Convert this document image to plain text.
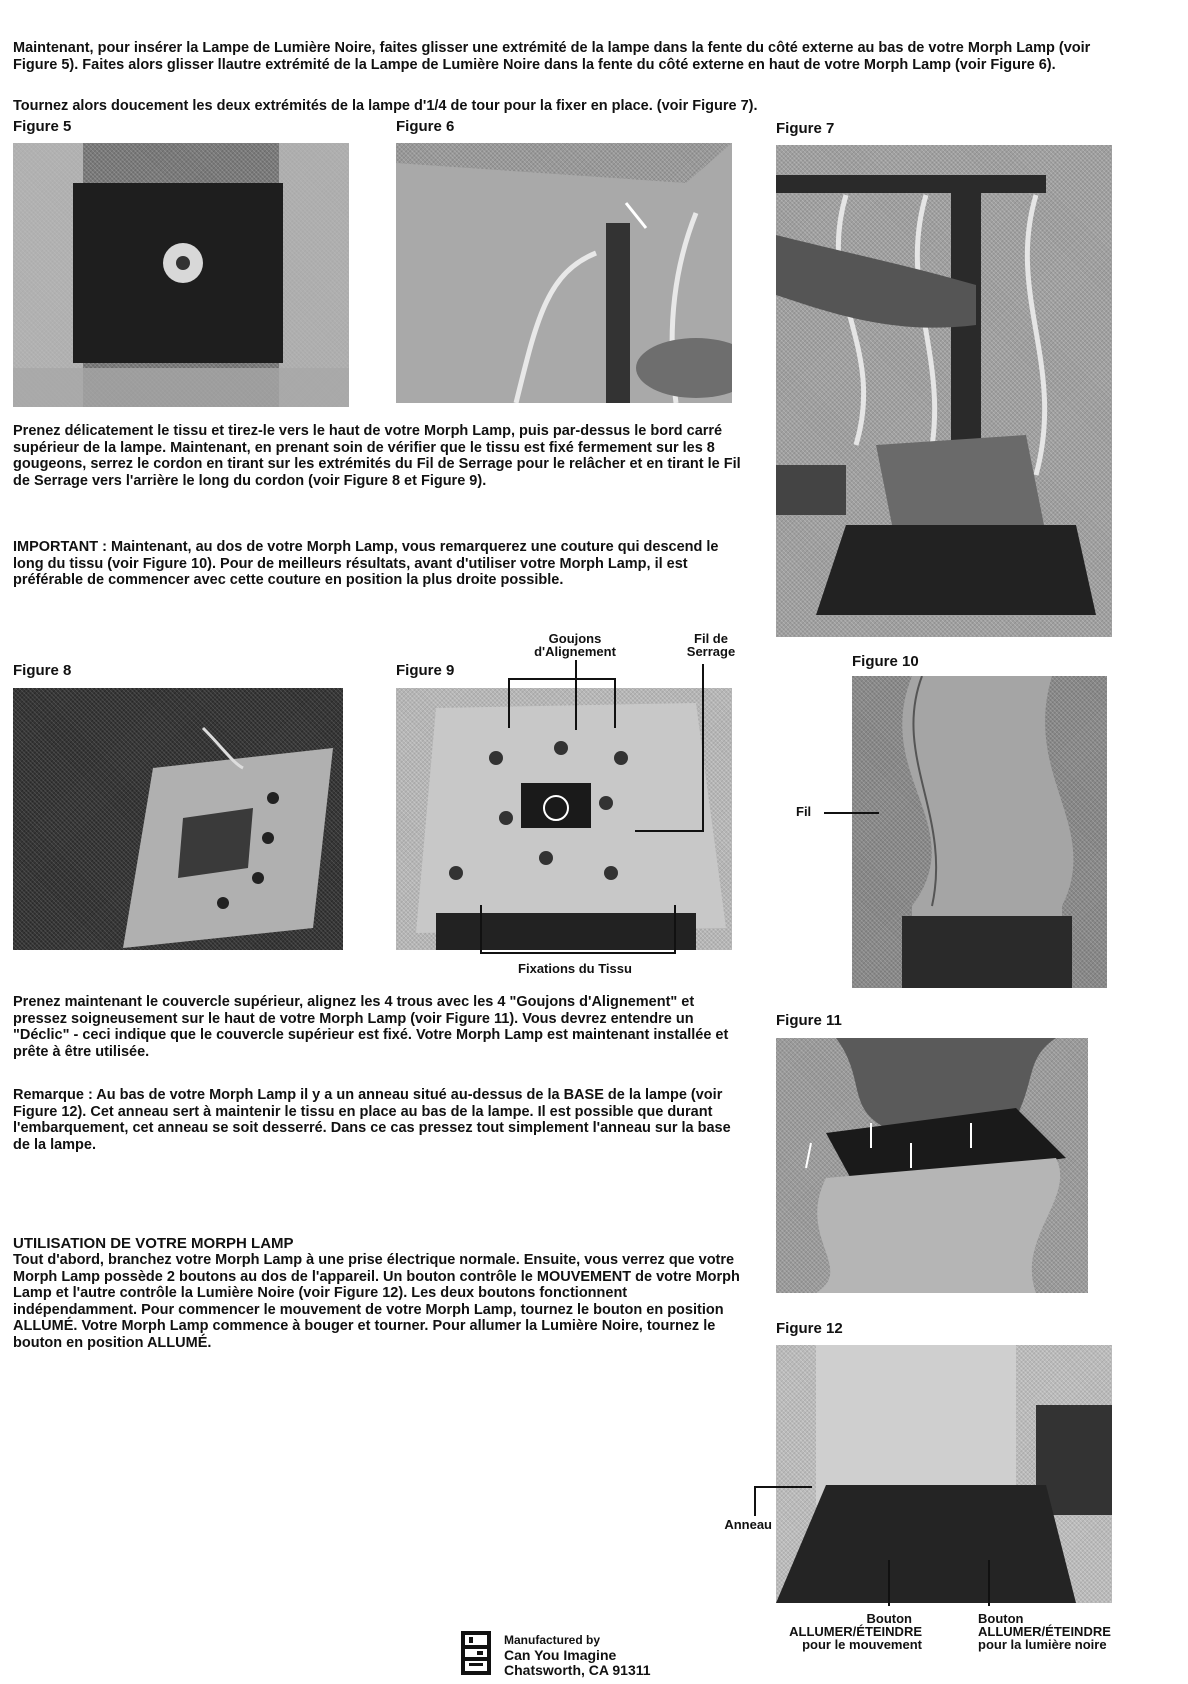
Maintenant, pour insérer la Lampe de Lumière Noire, faites glisser une extrémité de la lampe dans la fente du côté externe au bas de votre Morph Lamp (voir Figure 5). Faites alors glisser llautre extrémité de la Lampe de Lumière Noire dans la fente du côté externe en haut de votre Morph Lamp (voir Figure 6).

Tournez alors doucement les deux extrémités de la lampe d'1/4 de tour pour la fixer en place. (voir Figure 7).

Figure 5	Figure 6	Figure 7

Prenez délicatement le tissu et tirez-le vers le haut de votre Morph Lamp, puis par-dessus le bord carré supérieur de la lampe. Maintenant, en prenant soin de vérifier que le tissu est fixé fermement sur les 8 gougeons, serrez le cordon en tirant sur les extrémités du Fil de Serrage pour le relâcher et en tirant le Fil de Serrage vers l'arrière le long du cordon (voir Figure 8 et Figure 9).

IMPORTANT : Maintenant, au dos de votre Morph Lamp, vous remarquerez une couture qui descend le long du tissu (voir Figure 10). Pour de meilleurs résultats, avant d'utiliser votre Morph Lamp, il est préférable de commencer avec cette couture en position la plus droite possible.

Goujons
d'Alignement
Fil de
Serrage
Figure 8	Figure 9
Figure 10
Fixations du Tissu
Fil

Prenez maintenant le couvercle supérieur, alignez les 4 trous avec les 4 "Goujons d'Alignement" et pressez soigneusement sur le haut de votre Morph Lamp (voir Figure 11). Vous devrez entendre un "Déclic" - ceci indique que le couvercle supérieur est fixé. Votre Morph Lamp est maintenant installée et prête à être utilisée.

Figure 11

Remarque : Au bas de votre Morph Lamp il y a un anneau situé au-dessus de la BASE de la lampe (voir Figure 12). Cet anneau sert à maintenir le tissu en place au bas de la lampe. Il est possible que durant l'embarquement, cet anneau se soit desserré. Dans ce cas pressez tout simplement l'anneau sur la base de la lampe.

UTILISATION DE VOTRE MORPH LAMP

Tout d'abord, branchez votre Morph Lamp à une prise électrique normale. Ensuite, vous verrez que votre Morph Lamp possède 2 boutons au dos de l'appareil. Un bouton contrôle le MOUVEMENT de votre Morph Lamp et l'autre contrôle la Lumière Noire (voir Figure 12). Les deux boutons fonctionnent indépendamment. Pour commencer le mouvement de votre Morph Lamp, tournez le bouton en position ALLUMÉ. Votre Morph Lamp commence à bouger et tourner. Pour allumer la Lumière Noire, tournez le bouton en position ALLUMÉ.

Figure 12
Anneau
Bouton
ALLUMER/ÉTEINDRE
pour le mouvement
Bouton
ALLUMER/ÉTEINDRE
pour la lumière noire
Manufactured by
Can You Imagine
Chatsworth, CA 91311
